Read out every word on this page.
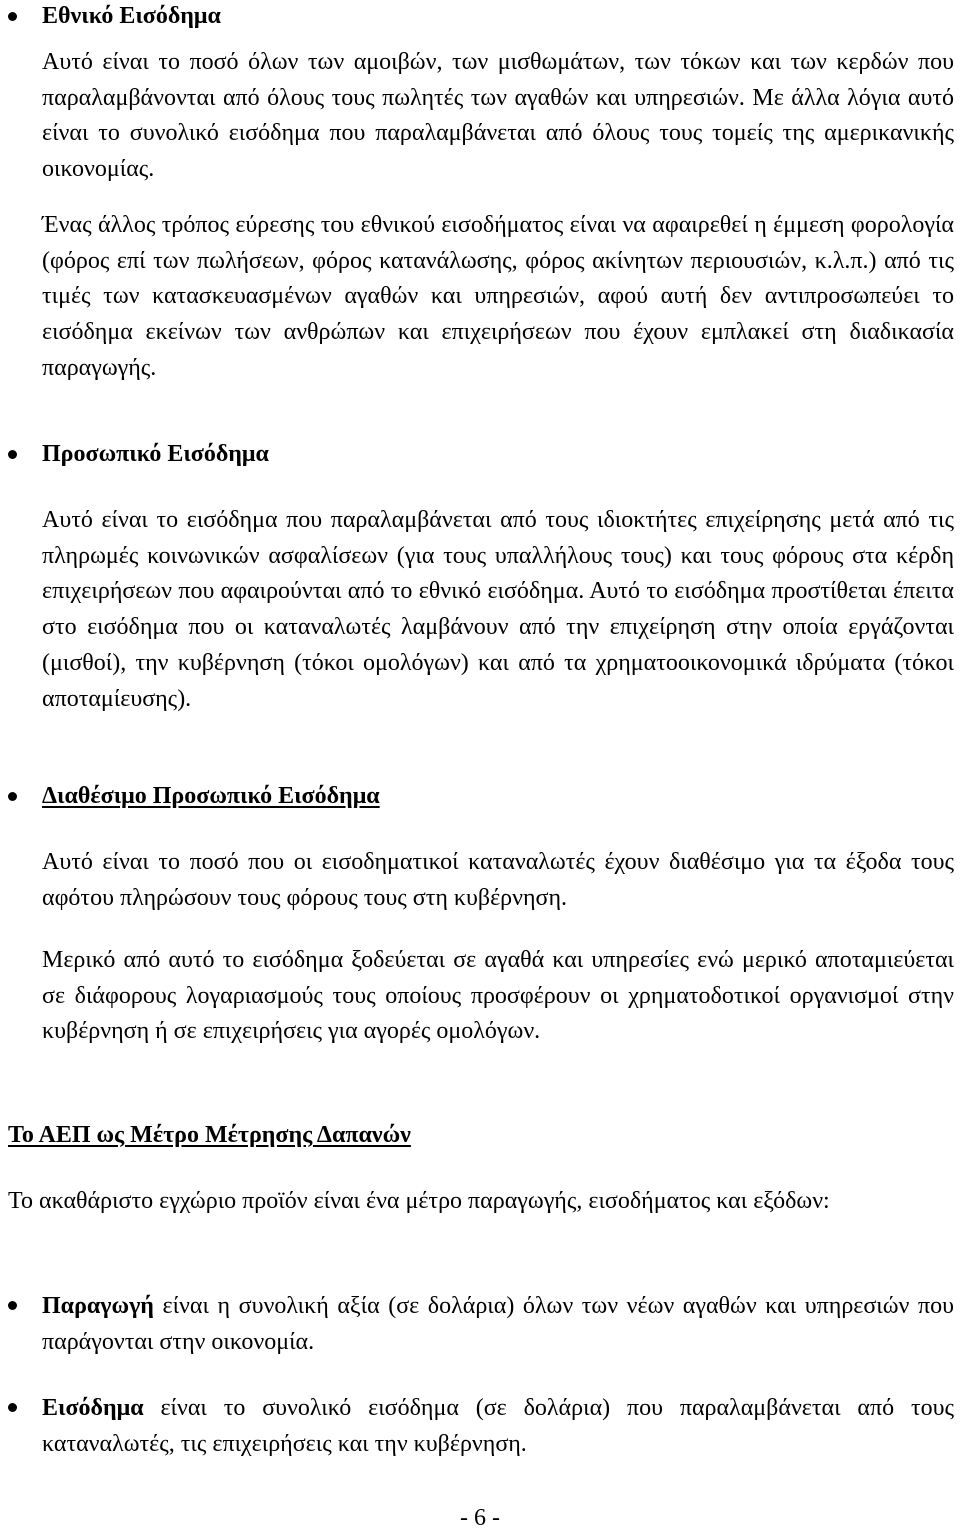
Εθνικό Εισόδημα

Αυτό είναι το ποσό όλων των αμοιβών, των μισθωμάτων, των τόκων και των κερδών που παραλαμβάνονται από όλους τους πωλητές των αγαθών και υπηρεσιών. Με άλλα λόγια αυτό είναι το συνολικό εισόδημα που παραλαμβάνεται από όλους τους τομείς της αμερικανικής οικονομίας.

Ένας άλλος τρόπος εύρεσης του εθνικού εισοδήματος είναι να αφαιρεθεί η έμμεση φορολογία (φόρος επί των πωλήσεων, φόρος κατανάλωσης, φόρος ακίνητων περιουσιών, κ.λ.π.) από τις τιμές των κατασκευασμένων αγαθών και υπηρεσιών, αφού αυτή δεν αντιπροσωπεύει το εισόδημα εκείνων των ανθρώπων και επιχειρήσεων που έχουν εμπλακεί στη διαδικασία παραγωγής.

Προσωπικό Εισόδημα

Αυτό είναι το εισόδημα που παραλαμβάνεται από τους ιδιοκτήτες επιχείρησης μετά από τις πληρωμές κοινωνικών ασφαλίσεων (για τους υπαλλήλους τους) και τους φόρους στα κέρδη επιχειρήσεων που αφαιρούνται από το εθνικό εισόδημα. Αυτό το εισόδημα προστίθεται έπειτα στο εισόδημα που οι καταναλωτές λαμβάνουν από την επιχείρηση στην οποία εργάζονται (μισθοί), την κυβέρνηση (τόκοι ομολόγων) και από τα χρηματοοικονομικά ιδρύματα (τόκοι αποταμίευσης).

Διαθέσιμο Προσωπικό Εισόδημα

Αυτό είναι το ποσό που οι εισοδηματικοί καταναλωτές έχουν διαθέσιμο για τα έξοδα τους αφότου πληρώσουν τους φόρους τους στη κυβέρνηση.

Μερικό από αυτό το εισόδημα ξοδεύεται σε αγαθά και υπηρεσίες ενώ μερικό αποταμιεύεται σε διάφορους λογαριασμούς τους οποίους προσφέρουν οι χρηματοδοτικοί οργανισμοί στην κυβέρνηση ή σε επιχειρήσεις για αγορές ομολόγων.

Το ΑΕΠ ως Μέτρο Μέτρησης Δαπανών

Το ακαθάριστο εγχώριο προϊόν είναι ένα μέτρο παραγωγής, εισοδήματος και εξόδων:

Παραγωγή είναι η συνολική αξία (σε δολάρια) όλων των νέων αγαθών και υπηρεσιών που παράγονται στην οικονομία.
Εισόδημα είναι το συνολικό εισόδημα (σε δολάρια) που παραλαμβάνεται από τους καταναλωτές, τις επιχειρήσεις και την κυβέρνηση.
- 6 -
